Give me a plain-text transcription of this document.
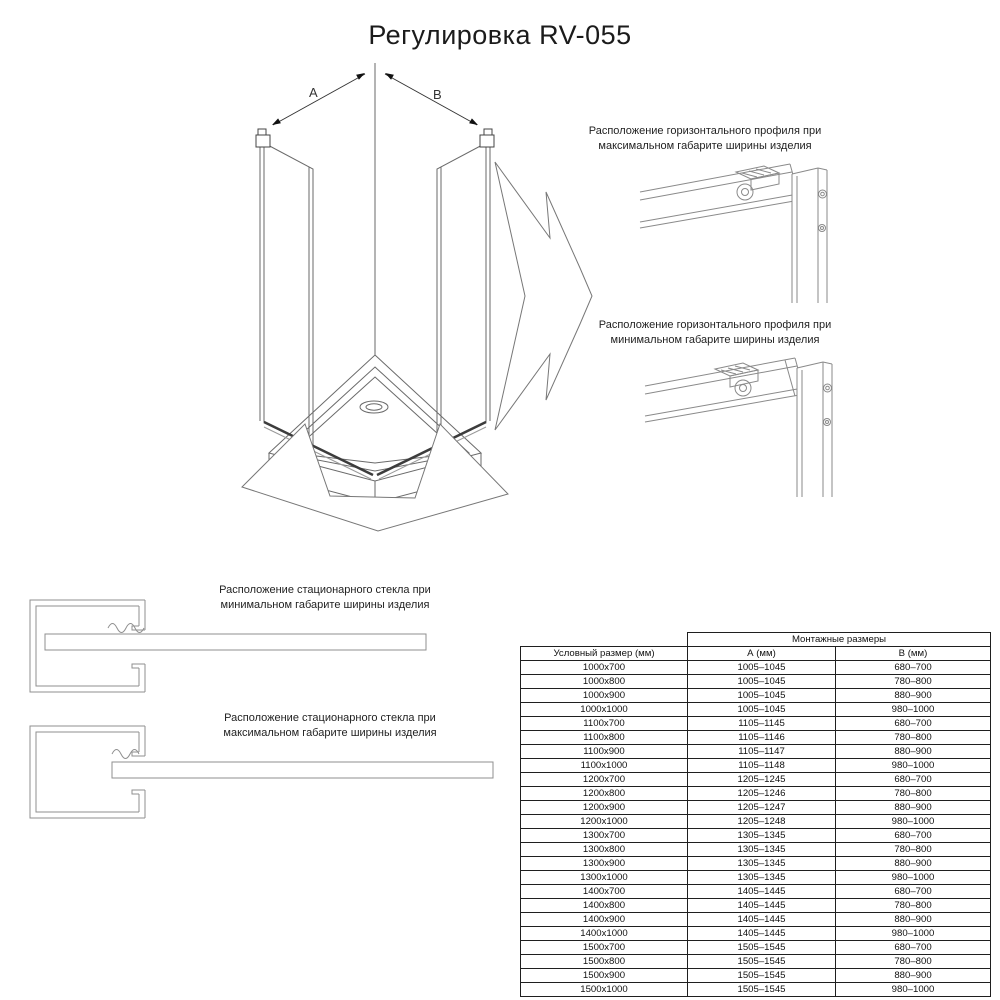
Регулировка RV-055
A	B
Расположение горизонтального профиля при
максимальном габарите ширины изделия
Расположение горизонтального профиля при
минимальном габарите ширины изделия
Расположение стационарного стекла при
минимальном габарите ширины изделия
Расположение стационарного стекла при
максимальном габарите ширины изделия
	Монтажные размеры	
Условный размер (мм)	А (мм)	В (мм)
1000x700	1005–1045	680–700
1000x800	1005–1045	780–800
1000x900	1005–1045	880–900
1000x1000	1005–1045	980–1000
1100x700	1105–1145	680–700
1100x800	1105–1146	780–800
1100x900	1105–1147	880–900
1100x1000	1105–1148	980–1000
1200x700	1205–1245	680–700
1200x800	1205–1246	780–800
1200x900	1205–1247	880–900
1200x1000	1205–1248	980–1000
1300x700	1305–1345	680–700
1300x800	1305–1345	780–800
1300x900	1305–1345	880–900
1300x1000	1305–1345	980–1000
1400x700	1405–1445	680–700
1400x800	1405–1445	780–800
1400x900	1405–1445	880–900
1400x1000	1405–1445	980–1000
1500x700	1505–1545	680–700
1500x800	1505–1545	780–800
1500x900	1505–1545	880–900
1500x1000	1505–1545	980–1000
